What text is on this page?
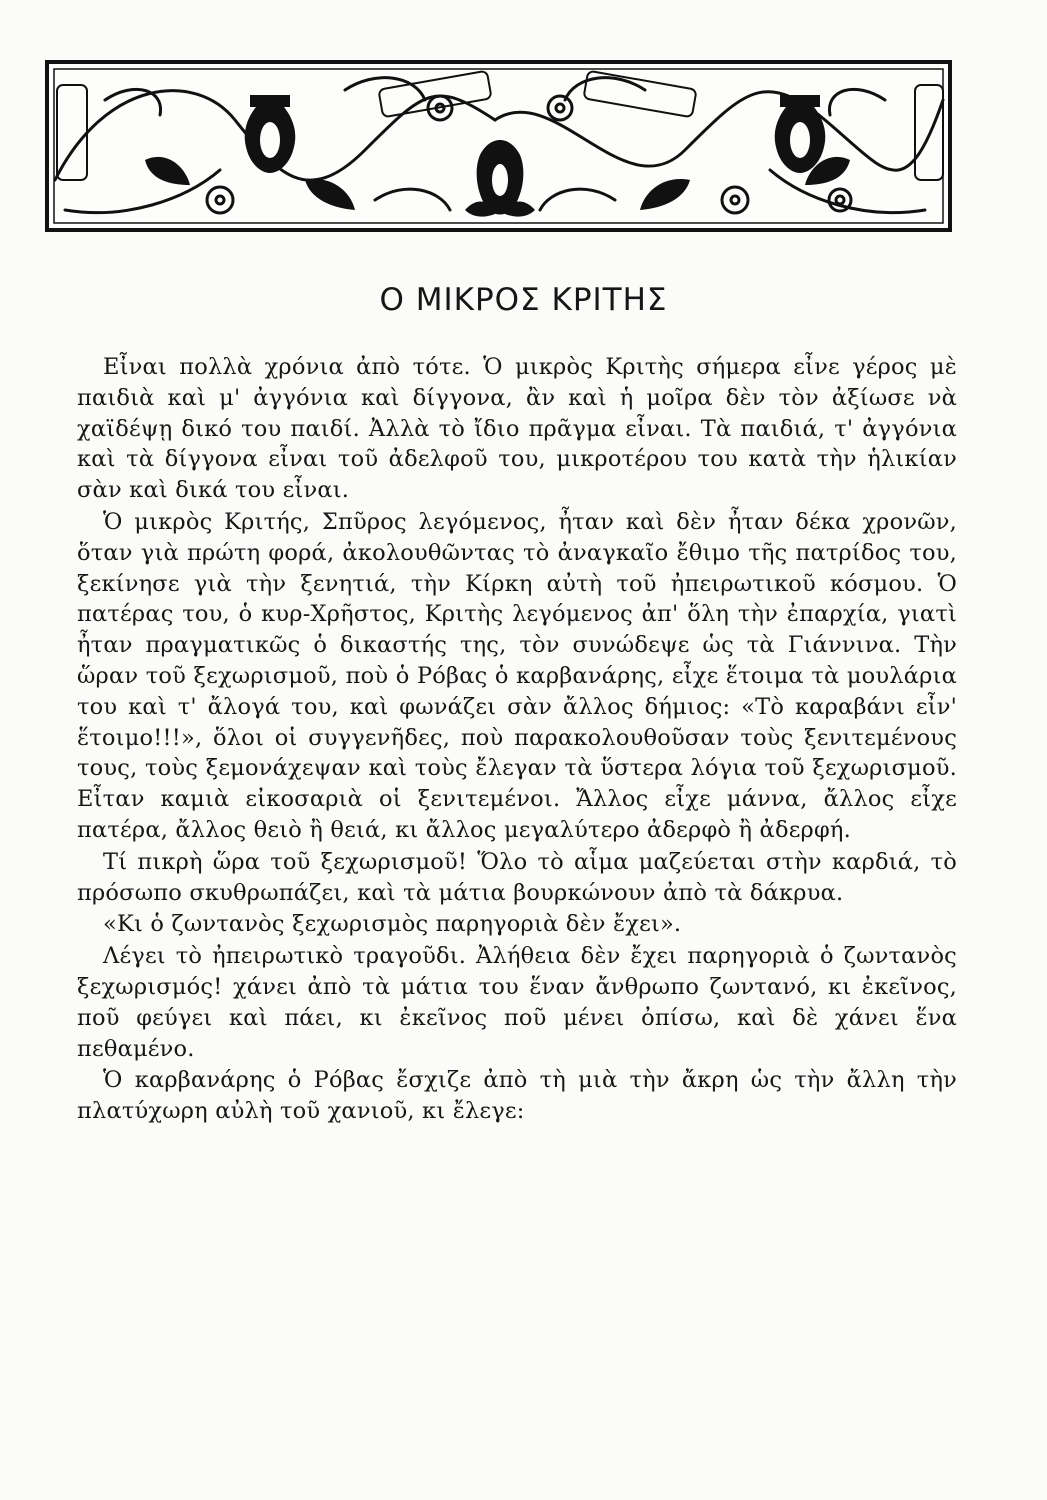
Ο ΜΙΚΡΟΣ ΚΡΙΤΗΣ

Εἶναι πολλὰ χρόνια ἀπὸ τότε. Ὁ μικρὸς Κριτὴς σήμερα εἶνε γέρος μὲ παιδιὰ καὶ μ' ἀγγόνια καὶ δίγγονα, ἂν καὶ ἡ μοῖρα δὲν τὸν ἀξίωσε νὰ χαϊδέψῃ δικό του παιδί. Ἀλλὰ τὸ ἴδιο πρᾶγμα εἶναι. Τὰ παιδιά, τ' ἀγγόνια καὶ τὰ δίγγονα εἶναι τοῦ ἀδελφοῦ του, μικροτέρου του κατὰ τὴν ἡλικίαν σὰν καὶ δικά του εἶναι.

Ὁ μικρὸς Κριτής, Σπῦρος λεγόμενος, ἦταν καὶ δὲν ἦταν δέκα χρονῶν, ὅταν γιὰ πρώτη φορά, ἀκολουθῶντας τὸ ἀναγκαῖο ἔθιμο τῆς πατρίδος του, ξεκίνησε γιὰ τὴν ξενητιά, τὴν Κίρκη αὐτὴ τοῦ ἠπειρωτικοῦ κόσμου. Ὁ πατέρας του, ὁ κυρ-Χρῆστος, Κριτὴς λεγόμενος ἀπ' ὅλη τὴν ἐπαρχία, γιατὶ ἦταν πραγματικῶς ὁ δικαστής της, τὸν συνώδεψε ὡς τὰ Γιάννινα. Τὴν ὥραν τοῦ ξεχωρισμοῦ, ποὺ ὁ Ρόβας ὁ καρβανάρης, εἶχε ἕτοιμα τὰ μουλάρια του καὶ τ' ἄλογά του, καὶ φωνάζει σὰν ἄλλος δήμιος: «Τὸ καραβάνι εἶν' ἕτοιμο!!!», ὅλοι οἱ συγγενῆδες, ποὺ παρακολουθοῦσαν τοὺς ξενιτεμένους τους, τοὺς ξεμονάχεψαν καὶ τοὺς ἔλεγαν τὰ ὕστερα λόγια τοῦ ξεχωρισμοῦ. Εἶταν καμιὰ εἰκοσαριὰ οἱ ξενιτεμένοι. Ἄλλος εἶχε μάννα, ἄλλος εἶχε πατέρα, ἄλλος θειὸ ἢ θειά, κι ἄλλος μεγαλύτερο ἀδερφὸ ἢ ἀδερφή.

Τί πικρὴ ὥρα τοῦ ξεχωρισμοῦ! Ὅλο τὸ αἷμα μαζεύεται στὴν καρδιά, τὸ πρόσωπο σκυθρωπάζει, καὶ τὰ μάτια βουρκώνουν ἀπὸ τὰ δάκρυα.

«Κι ὁ ζωντανὸς ξεχωρισμὸς παρηγοριὰ δὲν ἔχει».

Λέγει τὸ ἠπειρωτικὸ τραγοῦδι. Ἀλήθεια δὲν ἔχει παρηγοριὰ ὁ ζωντανὸς ξεχωρισμός! χάνει ἀπὸ τὰ μάτια του ἕναν ἄνθρωπο ζωντανό, κι ἐκεῖνος, ποῦ φεύγει καὶ πάει, κι ἐκεῖνος ποῦ μένει ὀπίσω, καὶ δὲ χάνει ἕνα πεθαμένο.

Ὁ καρβανάρης ὁ Ρόβας ἔσχιζε ἀπὸ τὴ μιὰ τὴν ἄκρη ὡς τὴν ἄλλη τὴν πλατύχωρη αὐλὴ τοῦ χανιοῦ, κι ἔλεγε:
